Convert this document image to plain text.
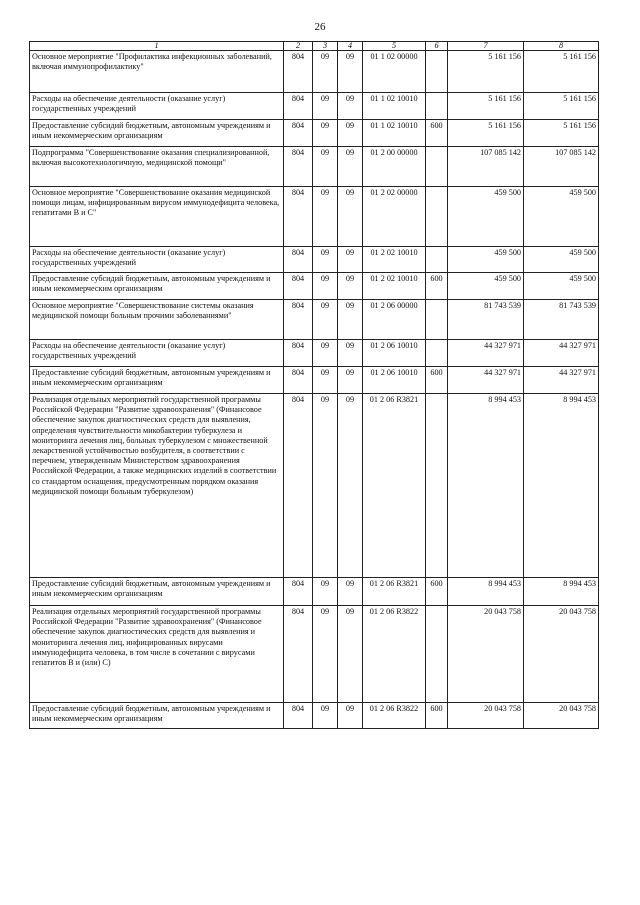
26
1	2	3	4	5	6	7	8
Основное мероприятие "Профилактика инфекционных заболеваний, включая иммунопрофилактику"	804	09	09	01 1 02 00000		5 161 156	5 161 156
Расходы на обеспечение деятельности (оказание услуг) государственных учреждений	804	09	09	01 1 02 10010		5 161 156	5 161 156
Предоставление субсидий бюджетным, автономным учреждениям и иным некоммерческим организациям	804	09	09	01 1 02 10010	600	5 161 156	5 161 156
Подпрограмма "Совершенствование оказания специализированной, включая высокотехнологичную, медицинской помощи"	804	09	09	01 2 00 00000		107 085 142	107 085 142
Основное мероприятие "Совершенствование оказания медицинской помощи лицам, инфицированным вирусом иммунодефицита человека, гепатитами В и С"	804	09	09	01 2 02 00000		459 500	459 500
Расходы на обеспечение деятельности (оказание услуг) государственных учреждений	804	09	09	01 2 02 10010		459 500	459 500
Предоставление субсидий бюджетным, автономным учреждениям и иным некоммерческим организациям	804	09	09	01 2 02 10010	600	459 500	459 500
Основное мероприятие "Совершенствование системы оказания медицинской помощи больным прочими заболеваниями"	804	09	09	01 2 06 00000		81 743 539	81 743 539
Расходы на обеспечение деятельности (оказание услуг) государственных учреждений	804	09	09	01 2 06 10010		44 327 971	44 327 971
Предоставление субсидий бюджетным, автономным учреждениям и иным некоммерческим организациям	804	09	09	01 2 06 10010	600	44 327 971	44 327 971
Реализация отдельных мероприятий государственной программы Российской Федерации "Развитие здравоохранения" (Финансовое обеспечение закупок диагностических средств для выявления, определения чувствительности микобактерии туберкулеза и мониторинга лечения лиц, больных туберкулезом с множественной лекарственной устойчивостью возбудителя, в соответствии с перечнем, утвержденным Министерством здравоохранения Российской Федерации, а также медицинских изделий в соответствии со стандартом оснащения, предусмотренным порядком оказания медицинской помощи больным туберкулезом)	804	09	09	01 2 06 R3821		8 994 453	8 994 453
Предоставление субсидий бюджетным, автономным учреждениям и иным некоммерческим организациям	804	09	09	01 2 06 R3821	600	8 994 453	8 994 453
Реализация отдельных мероприятий государственной программы Российской Федерации "Развитие здравоохранения" (Финансовое обеспечение закупок диагностических средств для выявления и мониторинга лечения лиц, инфицированных вирусами иммунодефицита человека, в том числе в сочетании с вирусами гепатитов В и (или) С)	804	09	09	01 2 06 R3822		20 043 758	20 043 758
Предоставление субсидий бюджетным, автономным учреждениям и иным некоммерческим организациям	804	09	09	01 2 06 R3822	600	20 043 758	20 043 758
